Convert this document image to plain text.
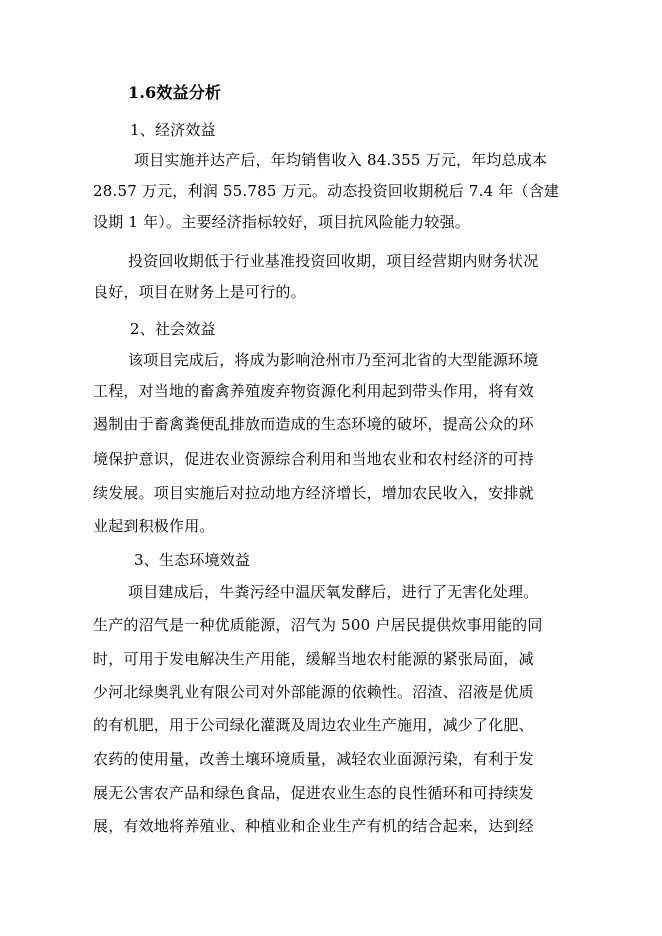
1.6效益分析
1、经济效益
项目实施并达产后，年均销售收入 84.355 万元，年均总成本
28.57 万元，利润 55.785 万元。动态投资回收期税后 7.4 年（含建
设期 1 年）。主要经济指标较好，项目抗风险能力较强。
投资回收期低于行业基准投资回收期，项目经营期内财务状况
良好，项目在财务上是可行的。
2、社会效益
该项目完成后，将成为影响沧州市乃至河北省的大型能源环境
工程，对当地的畜禽养殖废弃物资源化利用起到带头作用，将有效
遏制由于畜禽粪便乱排放而造成的生态环境的破坏，提高公众的环
境保护意识，促进农业资源综合利用和当地农业和农村经济的可持
续发展。项目实施后对拉动地方经济增长，增加农民收入，安排就
业起到积极作用。
3、生态环境效益
项目建成后，牛粪污经中温厌氧发酵后，进行了无害化处理。
生产的沼气是一种优质能源，沼气为 500 户居民提供炊事用能的同
时，可用于发电解决生产用能，缓解当地农村能源的紧张局面，减
少河北绿奥乳业有限公司对外部能源的依赖性。沼渣、沼液是优质
的有机肥，用于公司绿化灌溉及周边农业生产施用，减少了化肥、
农药的使用量，改善土壤环境质量，减轻农业面源污染，有利于发
展无公害农产品和绿色食品，促进农业生态的良性循环和可持续发
展，有效地将养殖业、种植业和企业生产有机的结合起来，达到经
